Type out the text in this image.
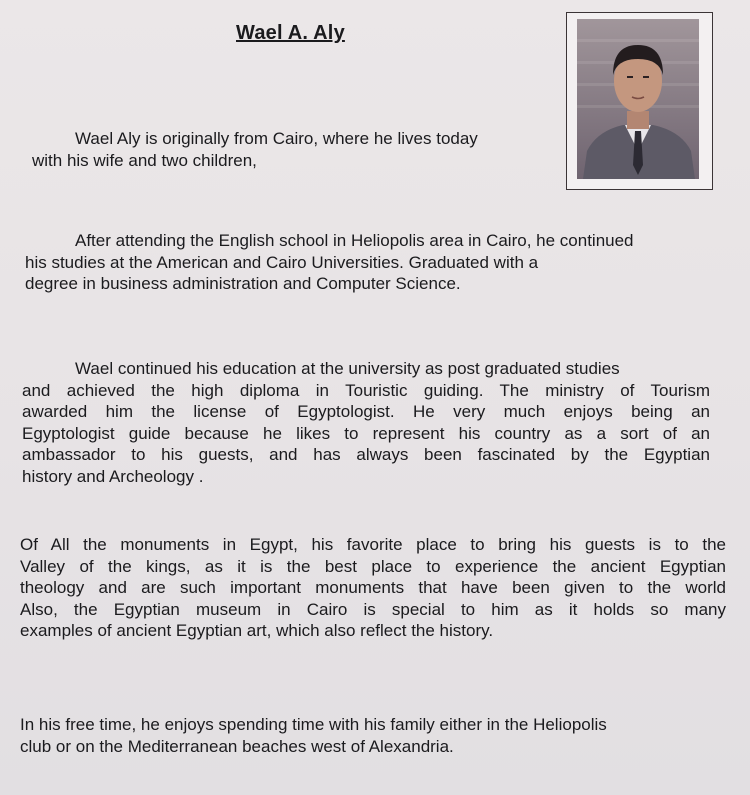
Wael A. Aly
Wael Aly is originally from Cairo, where he lives today
with his wife and two children,
After attending the English school in Heliopolis area in Cairo, he continued
his studies at the American and Cairo Universities. Graduated with a
degree in business administration and Computer Science.
Wael continued his education at the university as post graduated studies
and achieved the high diploma in Touristic guiding. The ministry of Tourism
awarded him the license of Egyptologist. He very much enjoys being an
Egyptologist guide because he likes to represent his country as a sort of an
ambassador to his guests, and has always been fascinated by the Egyptian
history and Archeology .
Of All the monuments in Egypt, his favorite place to bring his guests is to the
Valley of the kings, as it is the best place to experience the ancient Egyptian
theology and are such important monuments that have been given to the world
Also, the Egyptian museum in Cairo is special to him as it holds so many
examples of ancient Egyptian art, which also reflect the history.
In his free time, he enjoys spending time with his family either in the Heliopolis
club or on the Mediterranean beaches west of Alexandria.
